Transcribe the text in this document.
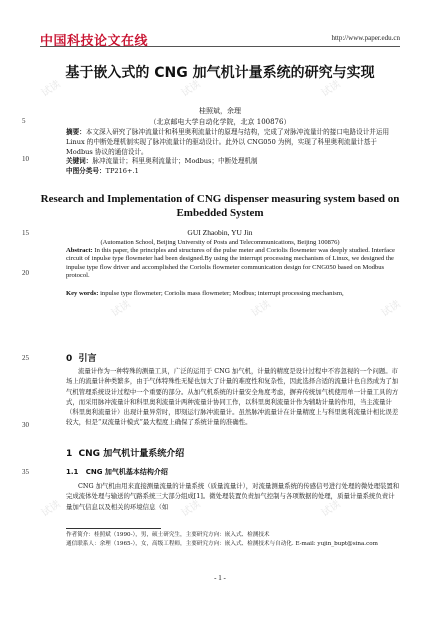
试读	试读	试读
试读	试读	试读
试读	试读	试读
中国科技论文在线	http://www.paper.edu.cn
基于嵌入式的 CNG 加气机计量系统的研究与实现
桂照斌，余理
5	（北京邮电大学自动化学院，北京 100876）
摘要：本文深入研究了脉冲流量计和科里奥利流量计的原理与结构，完成了对脉冲流量计的接口电路设计并运用 Linux 的中断处理机制实现了脉冲流量计的驱动设计。此外以 CNG050 为例，实现了科里奥利流量计基于 Modbus 协议的通信设计。
10	关键词：脉冲流量计；科里奥利流量计；Modbus；中断处理机制
中图分类号：TP216+.1
Research and Implementation of CNG dispenser measuring system based on Embedded System
15	GUI Zhaobin, YU Jin
(Automation School, Beijing University of Posts and Telecommunications, Beijing 100876)
Abstract: In this paper, the principles and structures of the pulse meter and Coriolis flowmeter was deeply studied. Interface circuit of inpulse type flowmeter had been designed.By using the interrupt processing mechanism of Linux, we designed the inpulse type flow driver and accomplished the Coriolis flowmeter communication design for CNG050 based on Modbus protocol.
20
Key words: inpulse type flowmeter; Coriolis mass flowmeter; Modbus; interrupt processing mechanism,
25	0 引言
流量计作为一种特殊的测量工具，广泛的运用于 CNG 加气机，计量的精度是设计过程中不容忽视的一个问题。市场上的流量计种类繁多，由于气体特殊性无疑也加大了计量的难度性和复杂性，因此选择合适的流量计也自然成为了加气机管理系统设计过程中一个重要的部分。从加气机系统的计量安全角度考虑，摒弃传统加气机使用单一计量工具的方式，而采用脉冲流量计和科里奥利流量计两种流量计协同工作，以科里奥利流量计作为辅助计量的作用，当主流量计（科里奥利流量计）出现计量异常时，即刻运行脉冲流量计。虽然脉冲流量计在计量精度上与科里奥利流量计相比误差较大，但是“双流量计模式”最大程度上确保了系统计量的准确性。
30
1 CNG 加气机计量系统介绍
35	1.1 CNG 加气机基本结构介绍
CNG 加气机由用来直接测量流量的计量系统（质量流量计），对流量测量系统的传感信号进行处理的微处理装置和完成流体处理与输送的气路系统三大部分组成[1]。微处理装置负责加气控制与各项数据的处理，质量计量系统负责计量加气信息以及相关的环境信息（如
作者简介：桂照斌（1990-），男，硕士研究生，主要研究方向：嵌入式、检测技术
通信联系人：余理（1965-），女，高级工程师，主要研究方向：嵌入式、检测技术与自动化. E-mail: yujin_bupt@sina.com
- 1 -
